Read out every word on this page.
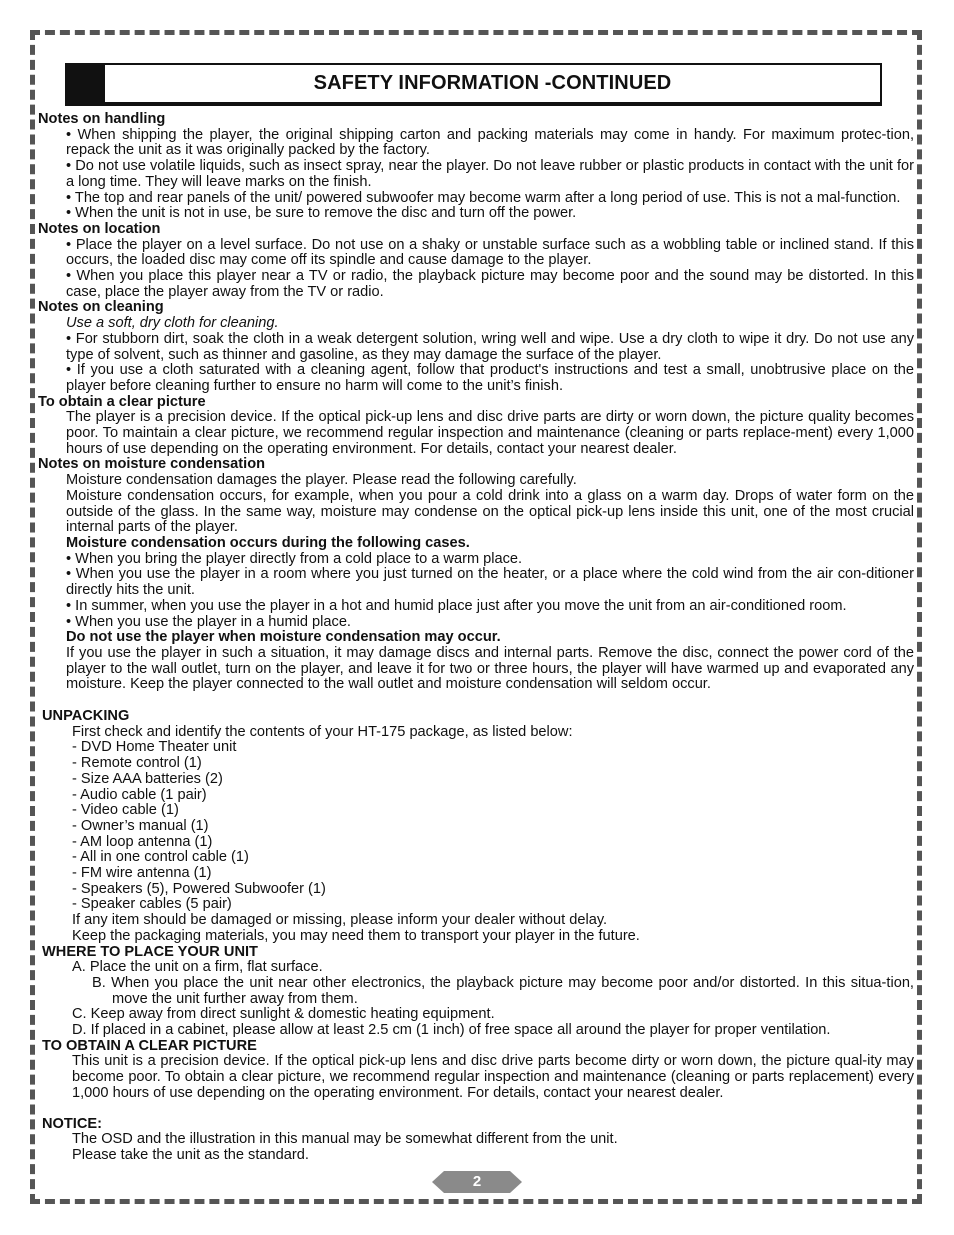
SAFETY INFORMATION -CONTINUED
Notes on handling
• When shipping the player, the original shipping carton and packing materials may come in handy. For maximum protec-tion, repack the unit as it was originally packed by the factory.
• Do not use volatile liquids, such as insect spray, near the player. Do not leave rubber or plastic products in contact with the unit for a long time. They will leave marks on the finish.
• The top and rear panels of the unit/ powered subwoofer may become warm after a long period of use. This is not a mal-function.
• When the unit is not in use, be sure to remove the disc and turn off the power.
Notes on location
• Place the player on a level surface. Do not use on a shaky or unstable surface such as a wobbling table or inclined stand. If this occurs, the loaded disc may come off its spindle and cause damage to the player.
• When you place this player near a TV or radio, the playback picture may become poor and the sound may be distorted. In this case, place the player away from the TV or radio.
Notes on cleaning
Use a soft, dry cloth for cleaning.
• For stubborn dirt, soak the cloth in a weak detergent solution, wring well and wipe. Use a dry cloth to wipe it dry. Do not use any type of solvent, such as thinner and gasoline, as they may damage the surface of the player.
• If you use a cloth saturated with a cleaning agent, follow that product's instructions and test a small, unobtrusive place on the player before cleaning further to ensure no harm will come to the unit’s finish.
To obtain a clear picture
The player is a precision device. If the optical pick-up lens and disc drive parts are dirty or worn down, the picture quality becomes poor. To maintain a clear picture, we recommend regular inspection and maintenance (cleaning or parts replace-ment) every 1,000 hours of use depending on the operating environment. For details, contact your nearest dealer.
Notes on moisture condensation
Moisture condensation damages the player. Please read the following carefully.
Moisture condensation occurs, for example, when you pour a cold drink into a glass on a warm day. Drops of water form on the outside of the glass. In the same way, moisture may condense on the optical pick-up lens inside this unit, one of the most crucial internal parts of the player.
Moisture condensation occurs during the following cases.
• When you bring the player directly from a cold place to a warm place.
• When you use the player in a room where you just turned on the heater, or a place where the cold wind from the air con-ditioner directly hits the unit.
• In summer, when you use the player in a hot and humid place just after you move the unit from an air-conditioned room.
• When you use the player in a humid place.
Do not use the player when moisture condensation may occur.
If you use the player in such a situation, it may damage discs and internal parts. Remove the disc, connect the power cord of the player to the wall outlet, turn on the player, and leave it for two or three hours, the player will have warmed up and evaporated any moisture. Keep the player connected to the wall outlet and moisture condensation will seldom occur.
UNPACKING
First check and identify the contents of your HT-175 package, as listed below:
- DVD Home Theater unit
- Remote control (1)
- Size AAA batteries (2)
- Audio cable (1 pair)
- Video cable (1)
- Owner’s manual (1)
- AM loop antenna (1)
- All in one control cable (1)
- FM wire antenna (1)
- Speakers (5), Powered Subwoofer (1)
- Speaker cables (5 pair)
If any item should be damaged or missing, please inform your dealer without delay.
Keep the packaging materials, you may need them to transport your player in the future.
WHERE TO PLACE YOUR UNIT
A. Place the unit on a firm, flat surface.
B. When you place the unit near other electronics, the playback picture may become poor and/or distorted. In this situa-tion, move the unit further away from them.
C. Keep away from direct sunlight & domestic heating equipment.
D. If placed in a cabinet, please allow at least 2.5 cm (1 inch) of free space all around the player for proper ventilation.
TO OBTAIN A CLEAR PICTURE
This unit is a precision device. If the optical pick-up lens and disc drive parts become dirty or worn down, the picture qual-ity may become poor. To obtain a clear picture, we recommend regular inspection and maintenance (cleaning or parts replacement) every 1,000 hours of use depending on the operating environment. For details, contact your nearest dealer.
NOTICE:
The OSD and the illustration in this manual may be somewhat different from the unit.
Please take the unit as the standard.
2
